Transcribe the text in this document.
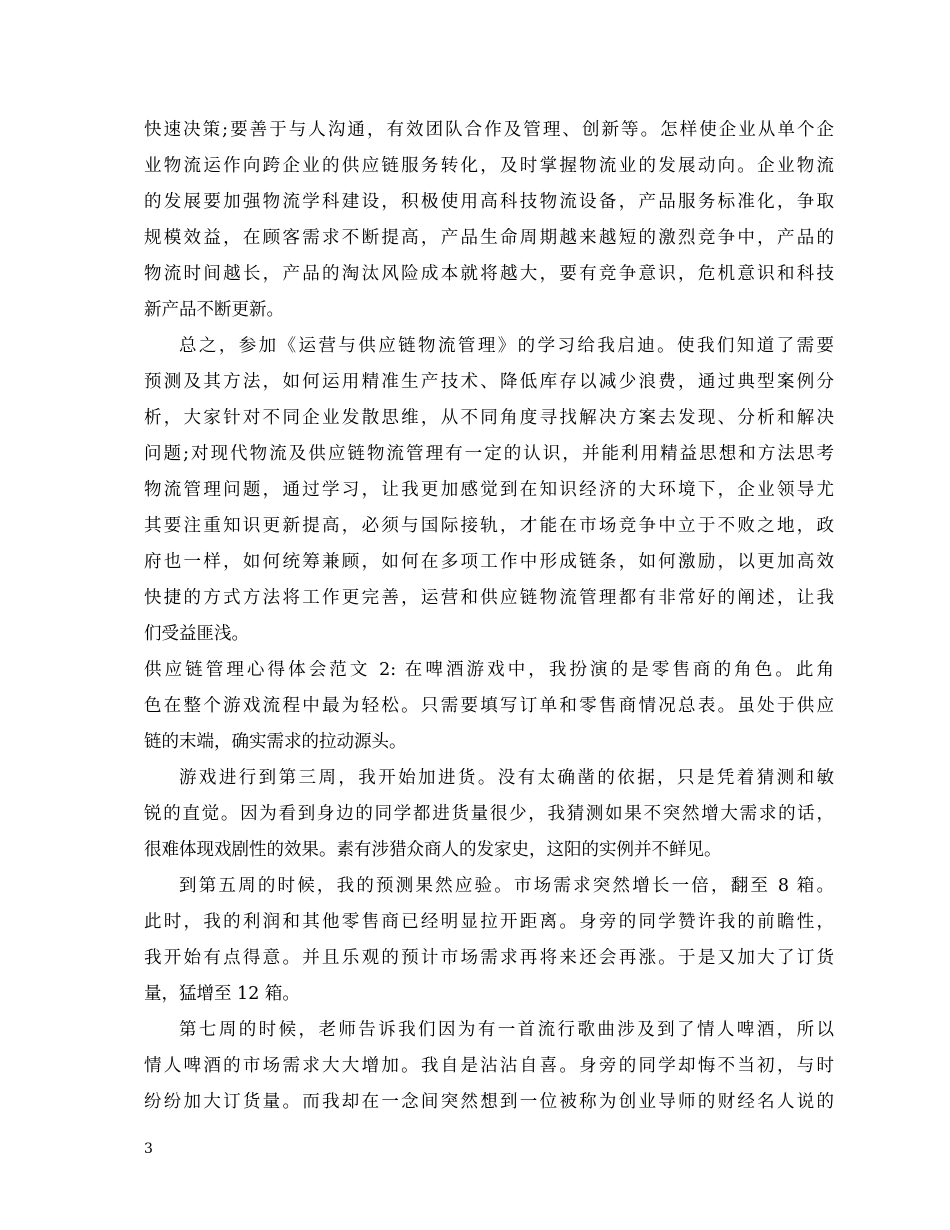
快速决策;要善于与人沟通，有效团队合作及管理、创新等。怎样使企业从单个企
业物流运作向跨企业的供应链服务转化，及时掌握物流业的发展动向。企业物流
的发展要加强物流学科建设，积极使用高科技物流设备，产品服务标准化，争取
规模效益，在顾客需求不断提高，产品生命周期越来越短的激烈竞争中，产品的
物流时间越长，产品的淘汰风险成本就将越大，要有竞争意识，危机意识和科技
新产品不断更新。
总之，参加《运营与供应链物流管理》的学习给我启迪。使我们知道了需要
预测及其方法，如何运用精准生产技术、降低库存以减少浪费，通过典型案例分
析，大家针对不同企业发散思维，从不同角度寻找解决方案去发现、分析和解决
问题;对现代物流及供应链物流管理有一定的认识，并能利用精益思想和方法思考
物流管理问题，通过学习，让我更加感觉到在知识经济的大环境下，企业领导尤
其要注重知识更新提高，必须与国际接轨，才能在市场竞争中立于不败之地，政
府也一样，如何统筹兼顾，如何在多项工作中形成链条，如何激励，以更加高效
快捷的方式方法将工作更完善，运营和供应链物流管理都有非常好的阐述，让我
们受益匪浅。
供应链管理心得体会范文 2: 在啤酒游戏中，我扮演的是零售商的角色。此角
色在整个游戏流程中最为轻松。只需要填写订单和零售商情况总表。虽处于供应
链的末端，确实需求的拉动源头。
游戏进行到第三周，我开始加进货。没有太确凿的依据，只是凭着猜测和敏
锐的直觉。因为看到身边的同学都进货量很少，我猜测如果不突然增大需求的话，
很难体现戏剧性的效果。素有涉猎众商人的发家史，这阳的实例并不鲜见。
到第五周的时候，我的预测果然应验。市场需求突然增长一倍，翻至 8 箱。
此时，我的利润和其他零售商已经明显拉开距离。身旁的同学赞许我的前瞻性，
我开始有点得意。并且乐观的预计市场需求再将来还会再涨。于是又加大了订货
量，猛增至 12 箱。
第七周的时候，老师告诉我们因为有一首流行歌曲涉及到了情人啤酒，所以
情人啤酒的市场需求大大增加。我自是沾沾自喜。身旁的同学却悔不当初，与时
纷纷加大订货量。而我却在一念间突然想到一位被称为创业导师的财经名人说的
3
